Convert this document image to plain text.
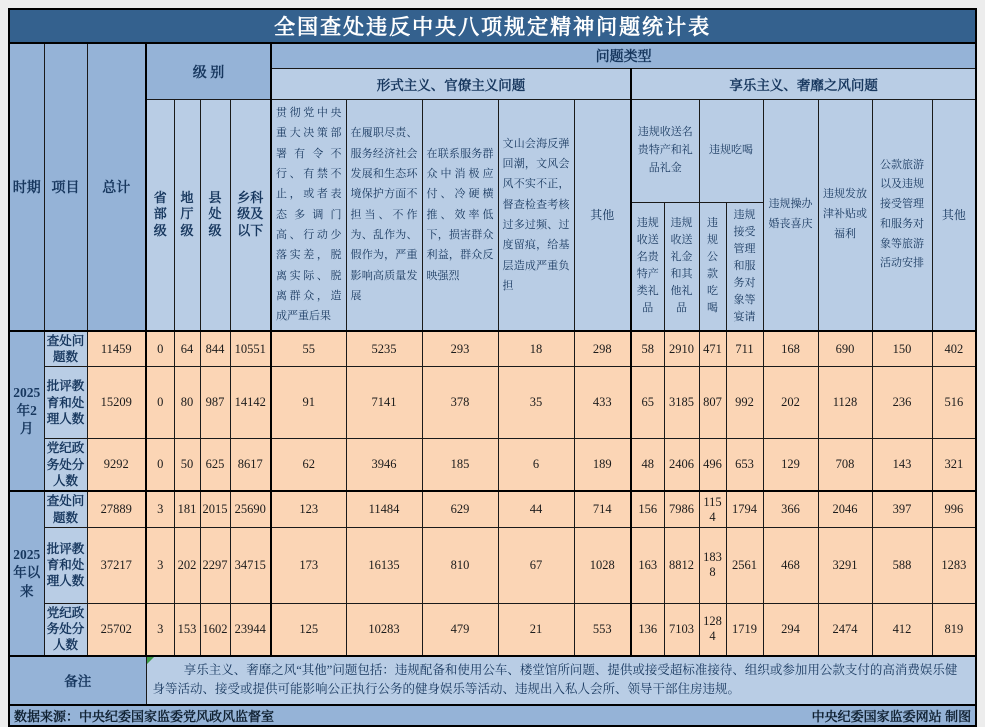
全国查处违反中央八项规定精神问题统计表																			
时期	项目	总计	级 别				问题类型												
							形式主义、官僚主义问题					享乐主义、奢靡之风问题							
			省部级	地厅级	县处级	乡科级及以下	贯彻党中央重大决策部署有令不行、有禁不止，或者表态多调门高、行动少落实差，脱离实际、脱离群众，造成严重后果	在履职尽责、服务经济社会发展和生态环境保护方面不担当、不作为、乱作为、假作为，严重影响高质量发展	在联系服务群众中消极应付、冷硬横推、效率低下，损害群众利益，群众反映强烈	文山会海反弹回潮，文风会风不实不正，督查检查考核过多过频、过度留痕，给基层造成严重负担	其他	违规收送名贵特产和礼品礼金		违规吃喝		违规操办婚丧喜庆	违规发放津补贴或福利	公款旅游以及违规接受管理和服务对象等旅游活动安排	其他
												违规收送名贵特产类礼品	违规收送礼金和其他礼品	违规公款吃喝	违规接受管理和服务对象等宴请				
2025年2月	查处问题数	11459	0	64	844	10551	55	5235	293	18	298	58	2910	471	711	168	690	150	402
	批评教育和处理人数	15209	0	80	987	14142	91	7141	378	35	433	65	3185	807	992	202	1128	236	516
	党纪政务处分人数	9292	0	50	625	8617	62	3946	185	6	189	48	2406	496	653	129	708	143	321
2025年以来	查处问题数	27889	3	181	2015	25690	123	11484	629	44	714	156	7986	1154	1794	366	2046	397	996
	批评教育和处理人数	37217	3	202	2297	34715	173	16135	810	67	1028	163	8812	1838	2561	468	3291	588	1283
	党纪政务处分人数	25702	3	153	1602	23944	125	10283	479	21	553	136	7103	1284	1719	294	2474	412	819
备注			享乐主义、奢靡之风“其他”问题包括：违规配备和使用公车、楼堂馆所问题、提供或接受超标准接待、组织或参加用公款支付的高消费娱乐健身等活动、接受或提供可能影响公正执行公务的健身娱乐等活动、违规出入私人会所、领导干部住房违规。																

数据来源：中央纪委国家监委党风政风监督室 中央纪委国家监委网站 制图																			
